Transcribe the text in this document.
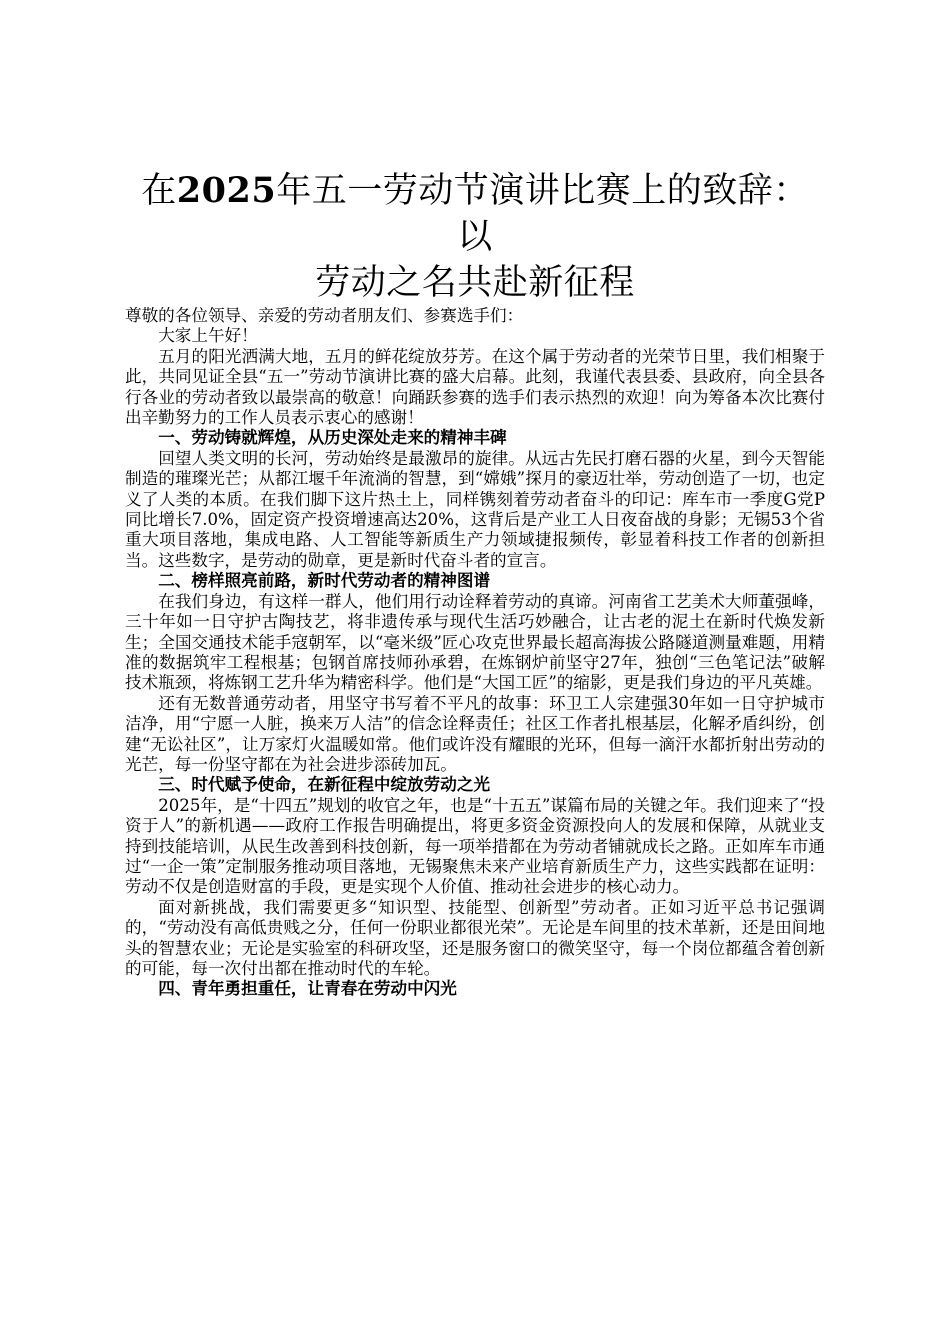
在2025年五一劳动节演讲比赛上的致辞：以
劳动之名共赴新征程

尊敬的各位领导、亲爱的劳动者朋友们、参赛选手们：

大家上午好！

五月的阳光洒满大地，五月的鲜花绽放芬芳。在这个属于劳动者的光荣节日里，我们相聚于此，共同见证全县“五一”劳动节演讲比赛的盛大启幕。此刻，我谨代表县委、县政府，向全县各行各业的劳动者致以最崇高的敬意！向踊跃参赛的选手们表示热烈的欢迎！向为筹备本次比赛付出辛勤努力的工作人员表示衷心的感谢！

一、劳动铸就辉煌，从历史深处走来的精神丰碑

回望人类文明的长河，劳动始终是最激昂的旋律。从远古先民打磨石器的火星，到今天智能制造的璀璨光芒；从都江堰千年流淌的智慧，到“嫦娥”探月的豪迈壮举，劳动创造了一切，也定义了人类的本质。在我们脚下这片热土上，同样镌刻着劳动者奋斗的印记：库车市一季度G党P同比增长7.0%，固定资产投资增速高达20%，这背后是产业工人日夜奋战的身影；无锡53个省重大项目落地，集成电路、人工智能等新质生产力领域捷报频传，彰显着科技工作者的创新担当。这些数字，是劳动的勋章，更是新时代奋斗者的宣言。

二、榜样照亮前路，新时代劳动者的精神图谱

在我们身边，有这样一群人，他们用行动诠释着劳动的真谛。河南省工艺美术大师董强峰，三十年如一日守护古陶技艺，将非遗传承与现代生活巧妙融合，让古老的泥土在新时代焕发新生；全国交通技术能手寇朝军，以“毫米级”匠心攻克世界最长超高海拔公路隧道测量难题，用精准的数据筑牢工程根基；包钢首席技师孙承碧，在炼钢炉前坚守27年，独创“三色笔记法”破解技术瓶颈，将炼钢工艺升华为精密科学。他们是“大国工匠”的缩影，更是我们身边的平凡英雄。

还有无数普通劳动者，用坚守书写着不平凡的故事：环卫工人宗建强30年如一日守护城市洁净，用“宁愿一人脏，换来万人洁”的信念诠释责任；社区工作者扎根基层，化解矛盾纠纷，创建“无讼社区”，让万家灯火温暖如常。他们或许没有耀眼的光环，但每一滴汗水都折射出劳动的光芒，每一份坚守都在为社会进步添砖加瓦。

三、时代赋予使命，在新征程中绽放劳动之光

2025年，是“十四五”规划的收官之年，也是“十五五”谋篇布局的关键之年。我们迎来了“投资于人”的新机遇——政府工作报告明确提出，将更多资金资源投向人的发展和保障，从就业支持到技能培训，从民生改善到科技创新，每一项举措都在为劳动者铺就成长之路。正如库车市通过“一企一策”定制服务推动项目落地，无锡聚焦未来产业培育新质生产力，这些实践都在证明：劳动不仅是创造财富的手段，更是实现个人价值、推动社会进步的核心动力。

面对新挑战，我们需要更多“知识型、技能型、创新型”劳动者。正如习近平总书记强调的，“劳动没有高低贵贱之分，任何一份职业都很光荣”。无论是车间里的技术革新，还是田间地头的智慧农业；无论是实验室的科研攻坚，还是服务窗口的微笑坚守，每一个岗位都蕴含着创新的可能，每一次付出都在推动时代的车轮。

四、青年勇担重任，让青春在劳动中闪光
